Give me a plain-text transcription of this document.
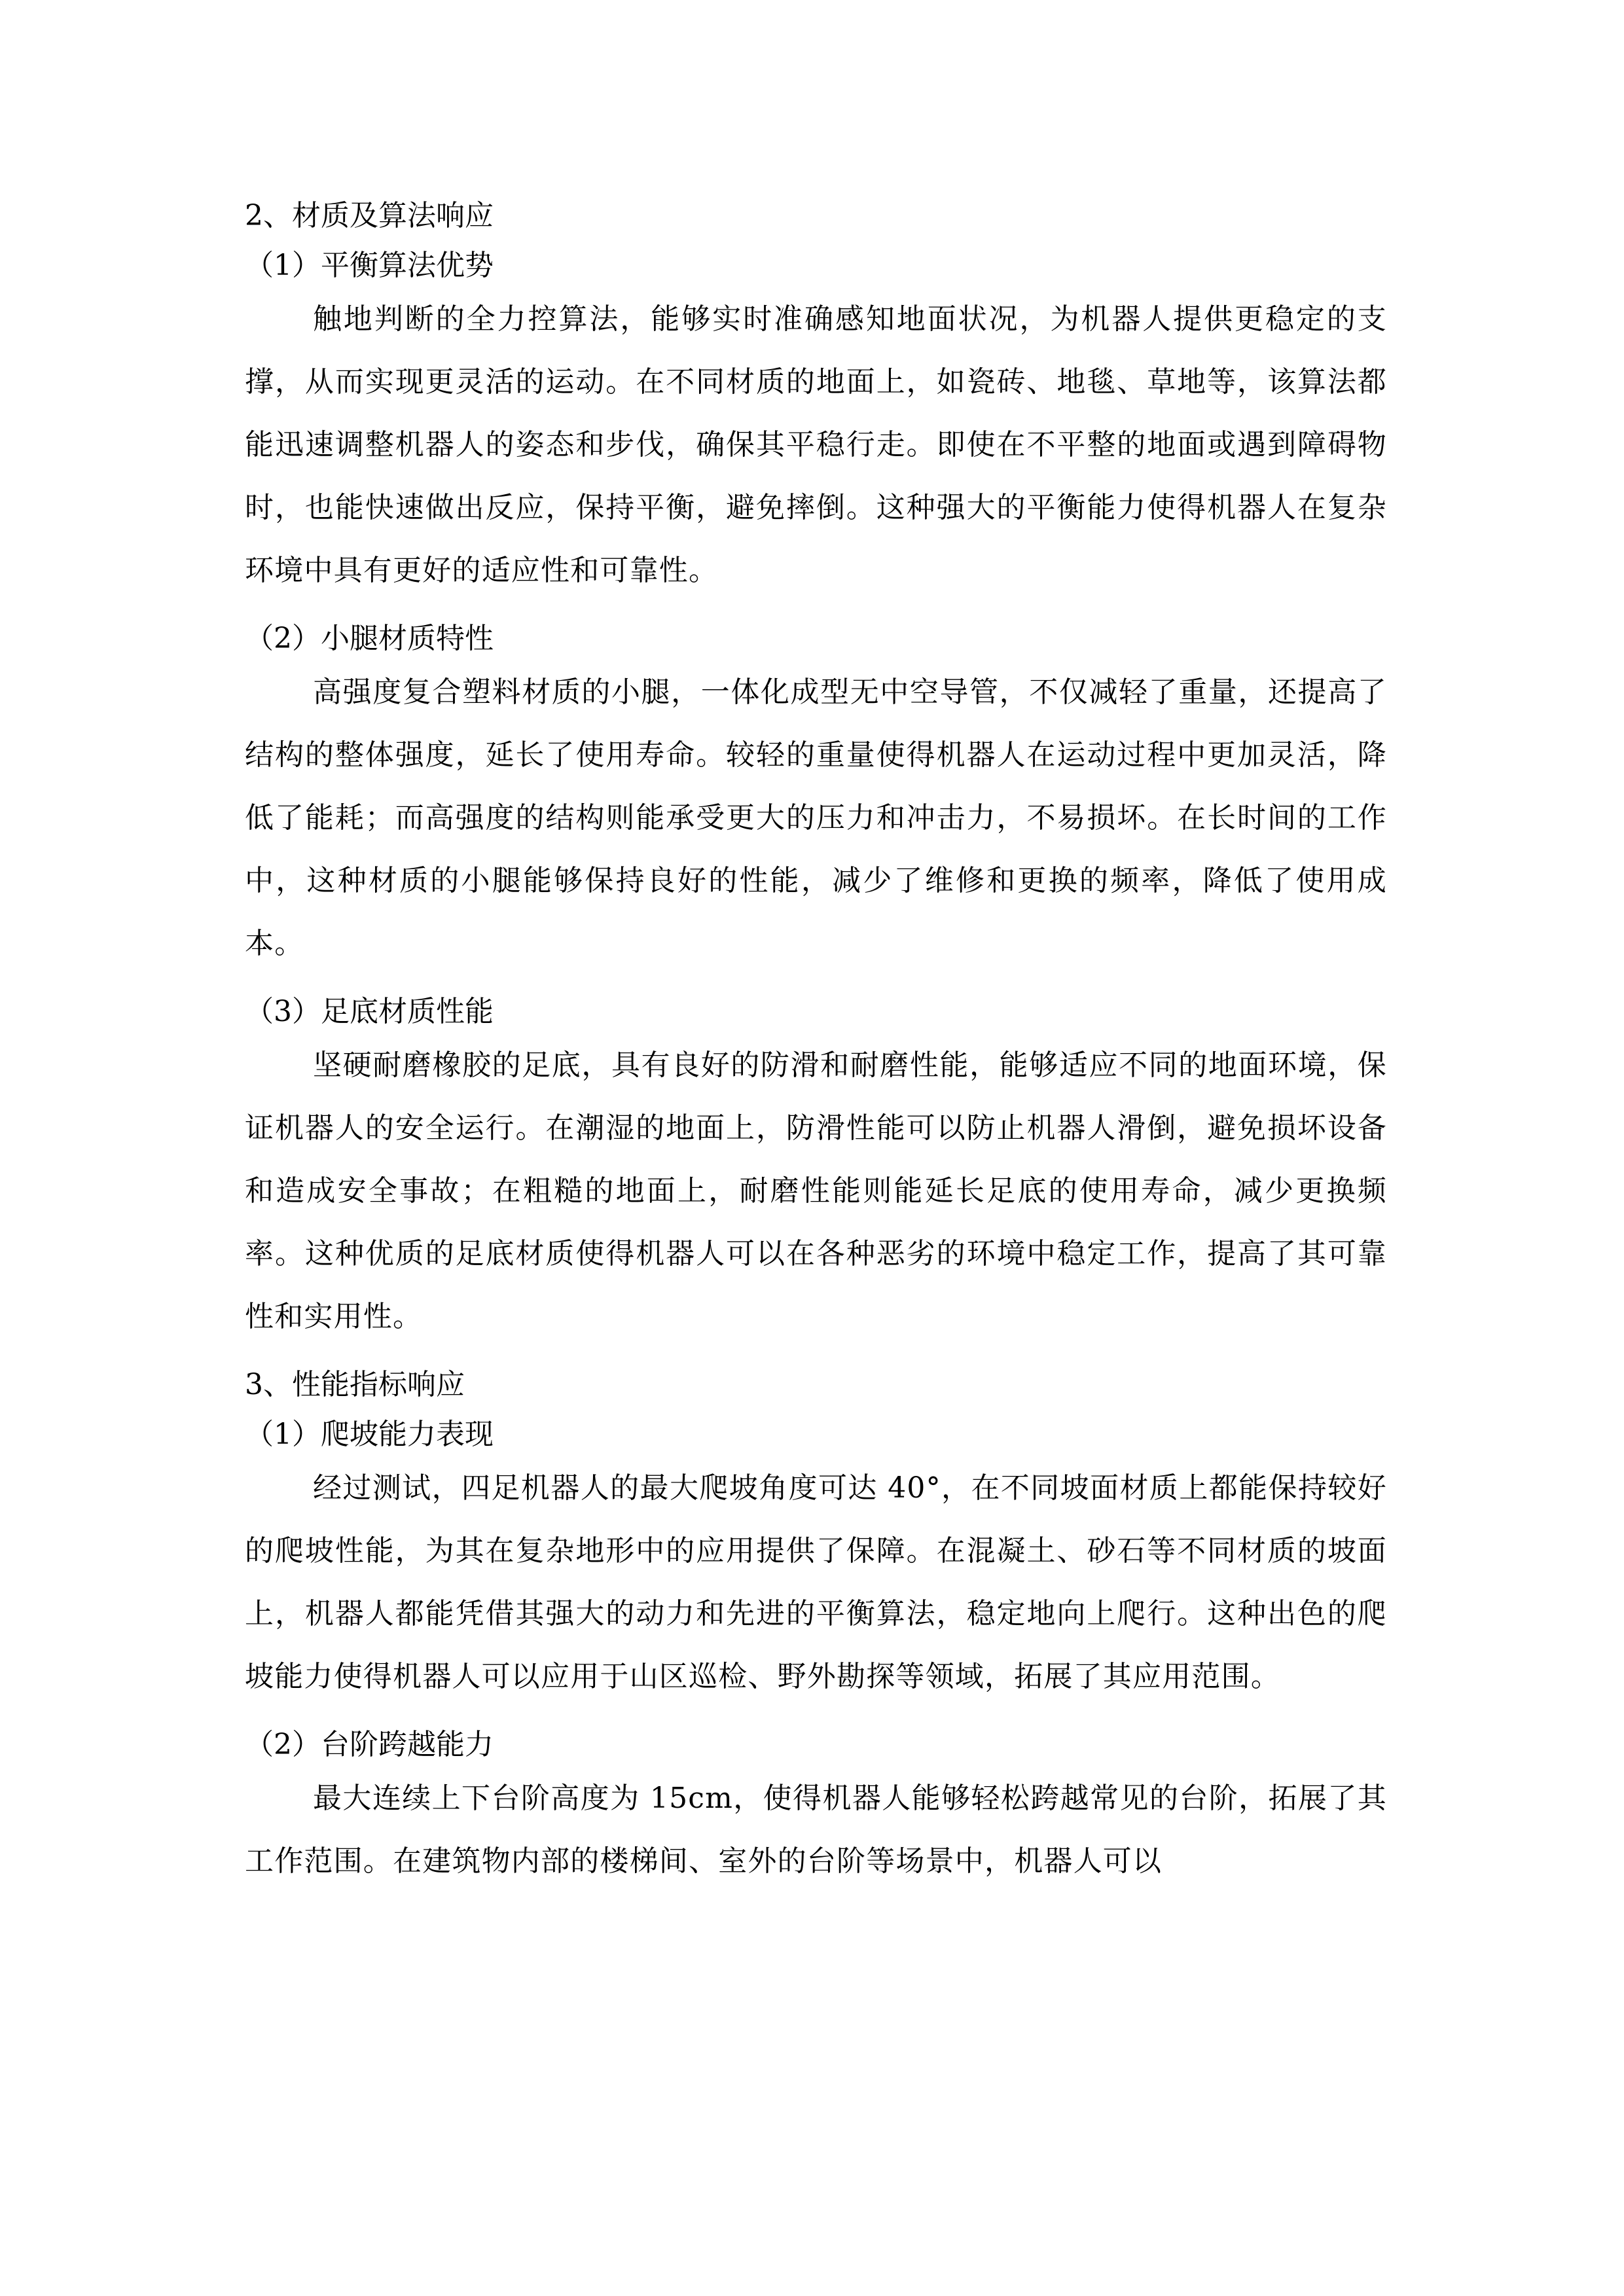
2、材质及算法响应
（1）平衡算法优势

触地判断的全力控算法，能够实时准确感知地面状况，为机器人提供更稳定的支撑，从而实现更灵活的运动。在不同材质的地面上，如瓷砖、地毯、草地等，该算法都能迅速调整机器人的姿态和步伐，确保其平稳行走。即使在不平整的地面或遇到障碍物时，也能快速做出反应，保持平衡，避免摔倒。这种强大的平衡能力使得机器人在复杂环境中具有更好的适应性和可靠性。

（2）小腿材质特性

高强度复合塑料材质的小腿，一体化成型无中空导管，不仅减轻了重量，还提高了结构的整体强度，延长了使用寿命。较轻的重量使得机器人在运动过程中更加灵活，降低了能耗；而高强度的结构则能承受更大的压力和冲击力，不易损坏。在长时间的工作中，这种材质的小腿能够保持良好的性能，减少了维修和更换的频率，降低了使用成本。

（3）足底材质性能

坚硬耐磨橡胶的足底，具有良好的防滑和耐磨性能，能够适应不同的地面环境，保证机器人的安全运行。在潮湿的地面上，防滑性能可以防止机器人滑倒，避免损坏设备和造成安全事故；在粗糙的地面上，耐磨性能则能延长足底的使用寿命，减少更换频率。这种优质的足底材质使得机器人可以在各种恶劣的环境中稳定工作，提高了其可靠性和实用性。

3、性能指标响应
（1）爬坡能力表现

经过测试，四足机器人的最大爬坡角度可达 40°，在不同坡面材质上都能保持较好的爬坡性能，为其在复杂地形中的应用提供了保障。在混凝土、砂石等不同材质的坡面上，机器人都能凭借其强大的动力和先进的平衡算法，稳定地向上爬行。这种出色的爬坡能力使得机器人可以应用于山区巡检、野外勘探等领域，拓展了其应用范围。

（2）台阶跨越能力

最大连续上下台阶高度为 15cm，使得机器人能够轻松跨越常见的台阶，拓展了其工作范围。在建筑物内部的楼梯间、室外的台阶等场景中，机器人可以
